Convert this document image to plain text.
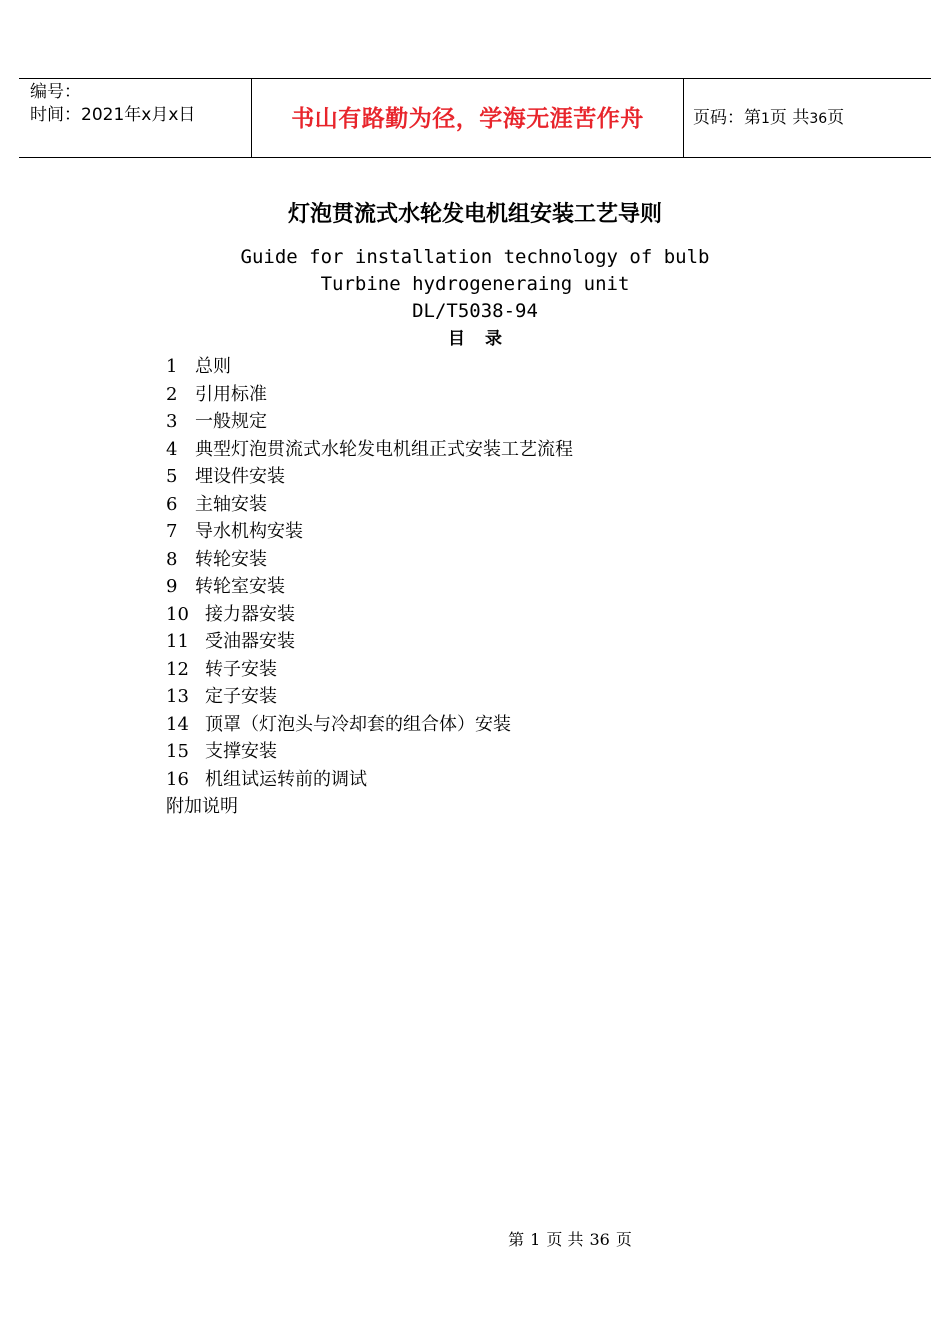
编号：
时间：2021年x月x日	书山有路勤为径，学海无涯苦作舟	页码：第1页 共36页
灯泡贯流式水轮发电机组安装工艺导则
Guide for installation technology of bulb
Turbine hydrogeneraing unit
DL/T5038-94
目录
1 总则
2 引用标准
3 一般规定
4 典型灯泡贯流式水轮发电机组正式安装工艺流程
5 埋设件安装
6 主轴安装
7 导水机构安装
8 转轮安装
9 转轮室安装
10 接力器安装
11 受油器安装
12 转子安装
13 定子安装
14 顶罩（灯泡头与冷却套的组合体）安装
15 支撑安装
16 机组试运转前的调试
附加说明
第 1 页 共 36 页
